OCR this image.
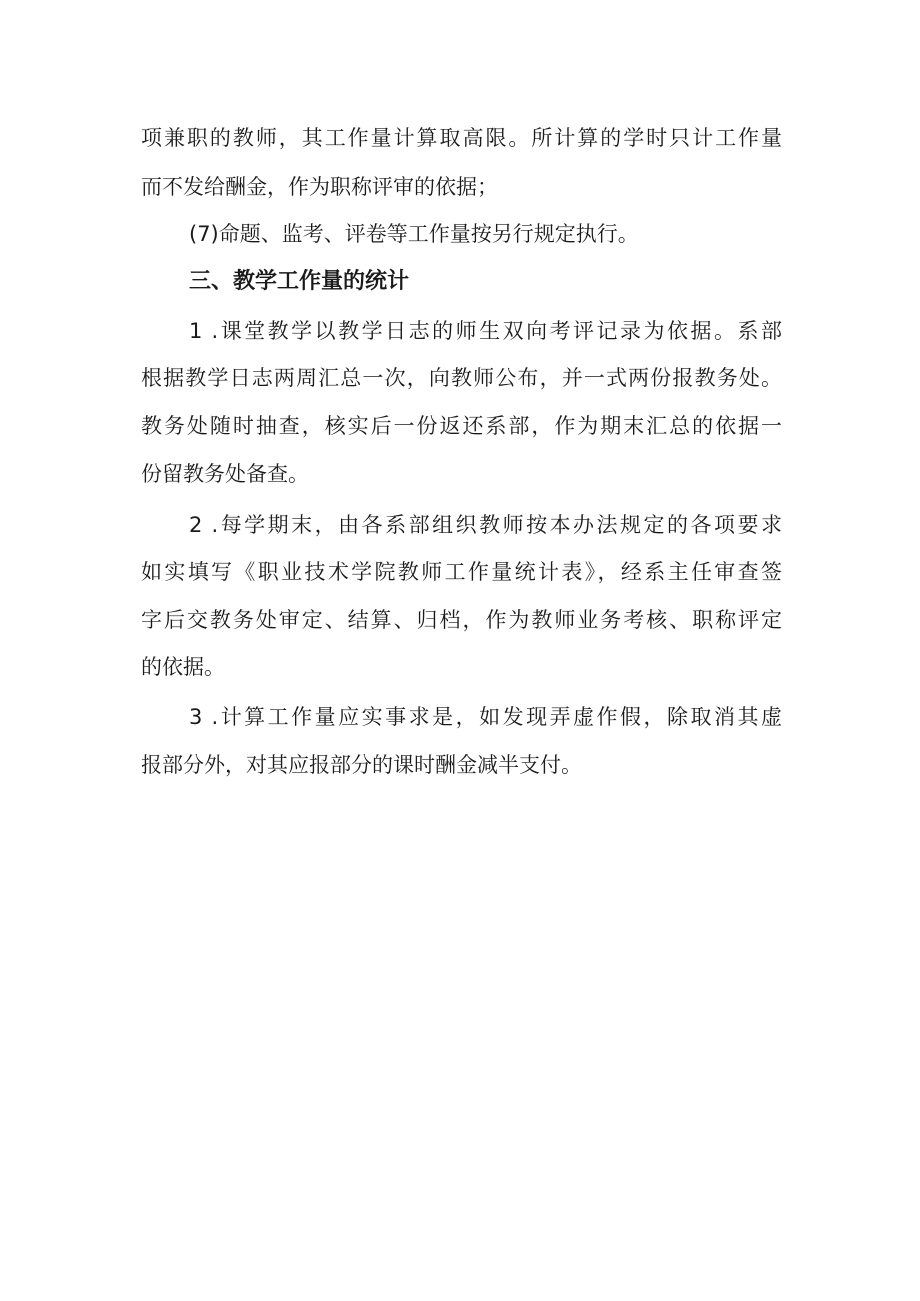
项兼职的教师，其工作量计算取高限。所计算的学时只计工作量
而不发给酬金，作为职称评审的依据；
(7)命题、监考、评卷等工作量按另行规定执行。
三、教学工作量的统计
1 .课堂教学以教学日志的师生双向考评记录为依据。系部
根据教学日志两周汇总一次，向教师公布，并一式两份报教务处。
教务处随时抽查，核实后一份返还系部，作为期末汇总的依据一
份留教务处备查。
2 .每学期末，由各系部组织教师按本办法规定的各项要求
如实填写《职业技术学院教师工作量统计表》，经系主任审查签
字后交教务处审定、结算、归档，作为教师业务考核、职称评定
的依据。
3 .计算工作量应实事求是，如发现弄虚作假，除取消其虚
报部分外，对其应报部分的课时酬金减半支付。
